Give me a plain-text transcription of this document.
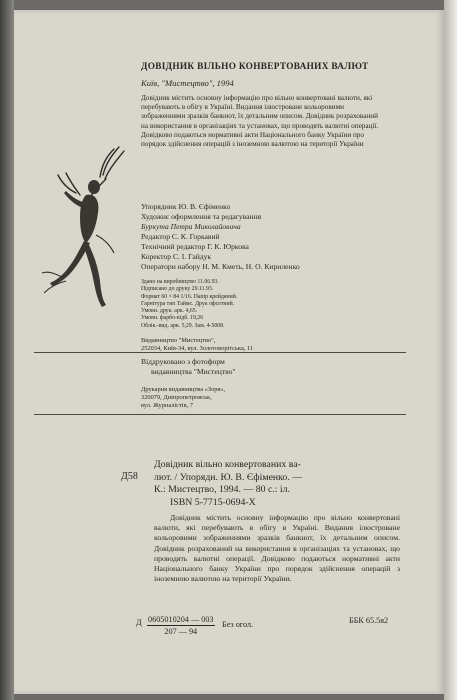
ДОВІДНИК ВІЛЬНО КОНВЕРТОВАНИХ ВАЛЮТ
Київ, "Мистецтво", 1994
Довідник містить основну інформацію про вільно конвертовані валюти, які перебувають в обігу в Україні. Видання ілюстроване кольоровими зображеннями зразків банкнот, їх детальним описом. Довідник розрахований на використання в організаціях та установах, що проводять валютні операції. Довідково подаються нормативні акти Національного банку України про порядок здійснення операцій з іноземною валютою на території України
Упорядник Ю. В. Єфіменко
Художнє оформлення та редагування
Буркута Петра Миколайовича
Редактор С. К. Горкавий
Технічний редактор Г. К. Юркова
Коректор С. І. Гайдук
Оператори набору Н. М. Кметь, Н. О. Кириленко
Здано на виробництво 11.06.93.
Підписано до друку 29.11.93.
Формат 60 × 84 1/16. Папір крейдяний.
Гарнітура тип Таймс. Друк офсетний.
Умовн. друк. арк. 4,65.
Умовн. фарбо-відб. 19,26
Облік.-вид. арк. 5,29. Зам. 4-5008.
Видавництво "Мистецтво",
252034, Київ-34, вул. Золотоворітська, 11
Віддруковано з фотоформ
видавництва "Мистецтво"
Друкарня видавництва «Зоря»,
320079, Дніпропетровськ,
вул. Журналістів, 7
Д58
Довідник вільно конвертованих ва-
лют. / Упорядн. Ю. В. Єфіменко. —
К.: Мистецтво, 1994. — 80 с.: іл.
ISBN 5-7715-0694-X
Довідник містить основну інформацію про вільно конвертовані валюти, які перебувають в обігу в Україні. Видання ілюстроване кольоровими зображеннями зразків банкнот, їх детальним описом. Довідник розрахований на використання в організаціях та установах, що проводять валютні операції. Довідково подаються нормативні акти Національного банку України про порядок здійснення операцій з іноземною валютою на території України.
Д $\frac{0605010204 — 003}{207 — 94}$ Без огол.	ББК 65.5я2
